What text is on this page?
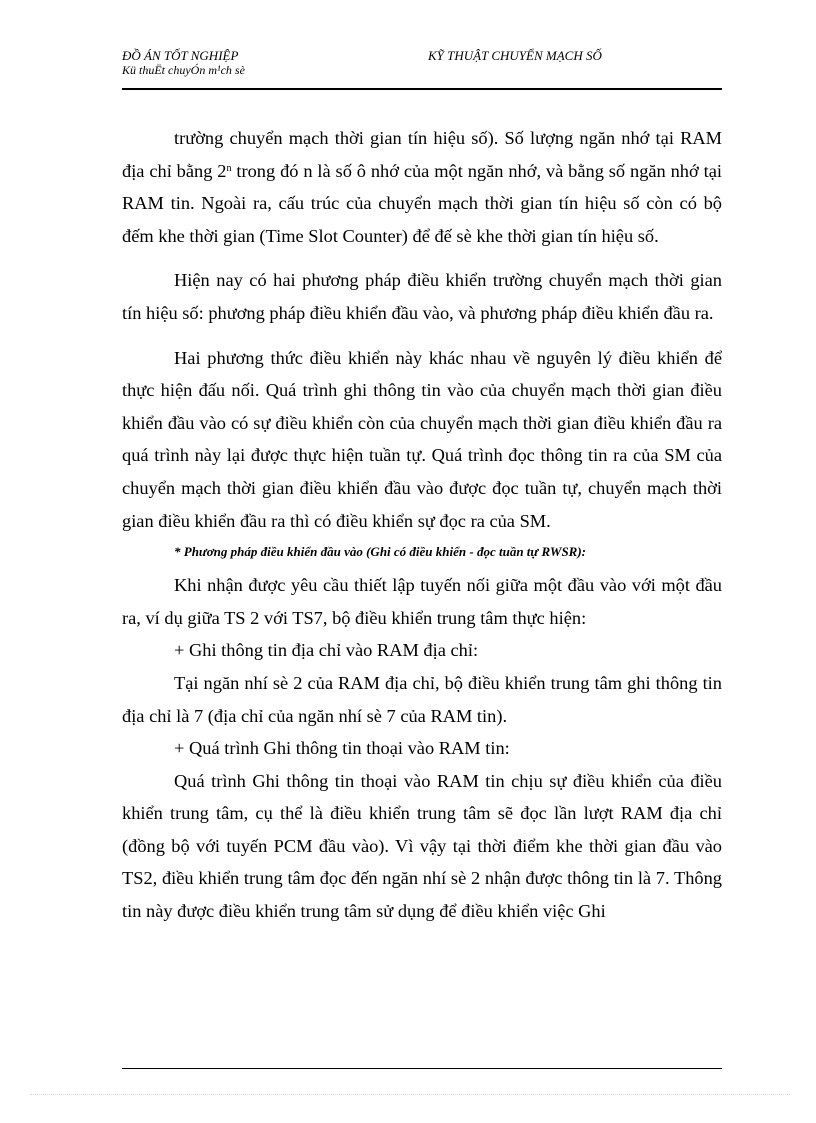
ĐỒ ÁN TỐT NGHIỆP
Kü thuËt chuyÓn m¹ch sè
KỸ THUẬT CHUYỂN MẠCH SỐ

trường chuyển mạch thời gian tín hiệu số). Số lượng ngăn nhớ tại RAM địa chỉ bằng 2$^n$ trong đó n là số ô nhớ của một ngăn nhớ, và bằng số ngăn nhớ tại RAM tin. Ngoài ra, cấu trúc của chuyển mạch thời gian tín hiệu số còn có bộ đếm khe thời gian (Time Slot Counter) để đế sè khe thời gian tín hiệu số.

Hiện nay có hai phương pháp điều khiển trường chuyển mạch thời gian tín hiệu số: phương pháp điều khiển đầu vào, và phương pháp điều khiển đầu ra.

Hai phương thức điều khiển này khác nhau về nguyên lý điều khiển để thực hiện đấu nối. Quá trình ghi thông tin vào của chuyển mạch thời gian điều khiển đầu vào có sự điều khiển còn của chuyển mạch thời gian điều khiển đầu ra quá trình này lại được thực hiện tuần tự. Quá trình đọc thông tin ra của SM của chuyển mạch thời gian điều khiển đầu vào được đọc tuần tự, chuyển mạch thời gian điều khiển đầu ra thì có điều khiển sự đọc ra của SM.

* Phương pháp điều khiển đầu vào (Ghi có điều khiển - đọc tuần tự RWSR):

Khi nhận được yêu cầu thiết lập tuyến nối giữa một đầu vào với một đầu ra, ví dụ giữa TS 2 với TS7, bộ điều khiển trung tâm thực hiện:

+ Ghi thông tin địa chỉ vào RAM địa chỉ:

Tại ngăn nhí sè 2 của RAM địa chỉ, bộ điều khiển trung tâm ghi thông tin địa chỉ là 7 (địa chỉ của ngăn nhí sè 7 của RAM tin).

+ Quá trình Ghi thông tin thoại vào RAM tin:

Quá trình Ghi thông tin thoại vào RAM tin chịu sự điều khiển của điều khiển trung tâm, cụ thể là điều khiển trung tâm sẽ đọc lần lượt RAM địa chỉ (đồng bộ với tuyến PCM đầu vào). Vì vậy tại thời điểm khe thời gian đầu vào TS2, điều khiển trung tâm đọc đến ngăn nhí sè 2 nhận được thông tin là 7. Thông tin này được điều khiển trung tâm sử dụng để điều khiển việc Ghi
